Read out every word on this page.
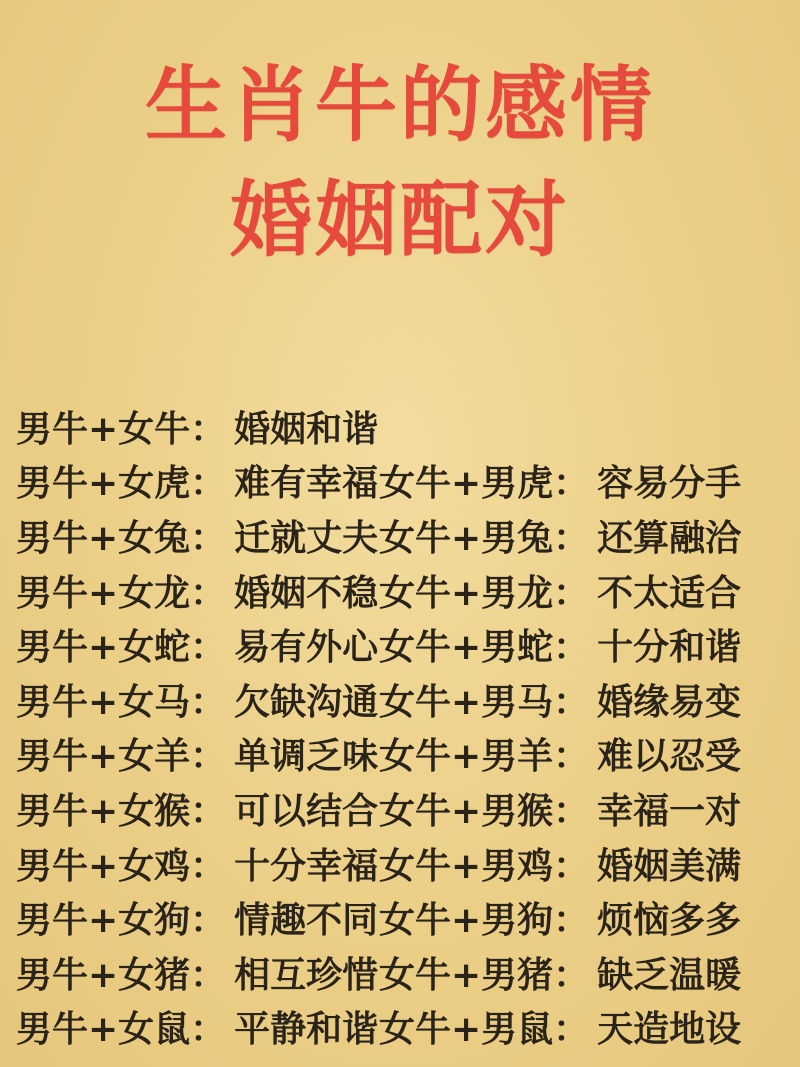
生肖牛的感情
婚姻配对
男牛+女牛： 婚姻和谐
男牛+女虎： 难有幸福 女牛+男虎： 容易分手
男牛+女兔： 迁就丈夫 女牛+男兔： 还算融洽
男牛+女龙： 婚姻不稳 女牛+男龙： 不太适合
男牛+女蛇： 易有外心 女牛+男蛇： 十分和谐
男牛+女马： 欠缺沟通 女牛+男马： 婚缘易变
男牛+女羊： 单调乏味 女牛+男羊： 难以忍受
男牛+女猴： 可以结合 女牛+男猴： 幸福一对
男牛+女鸡： 十分幸福 女牛+男鸡： 婚姻美满
男牛+女狗： 情趣不同 女牛+男狗： 烦恼多多
男牛+女猪： 相互珍惜 女牛+男猪： 缺乏温暖
男牛+女鼠： 平静和谐 女牛+男鼠： 天造地设
